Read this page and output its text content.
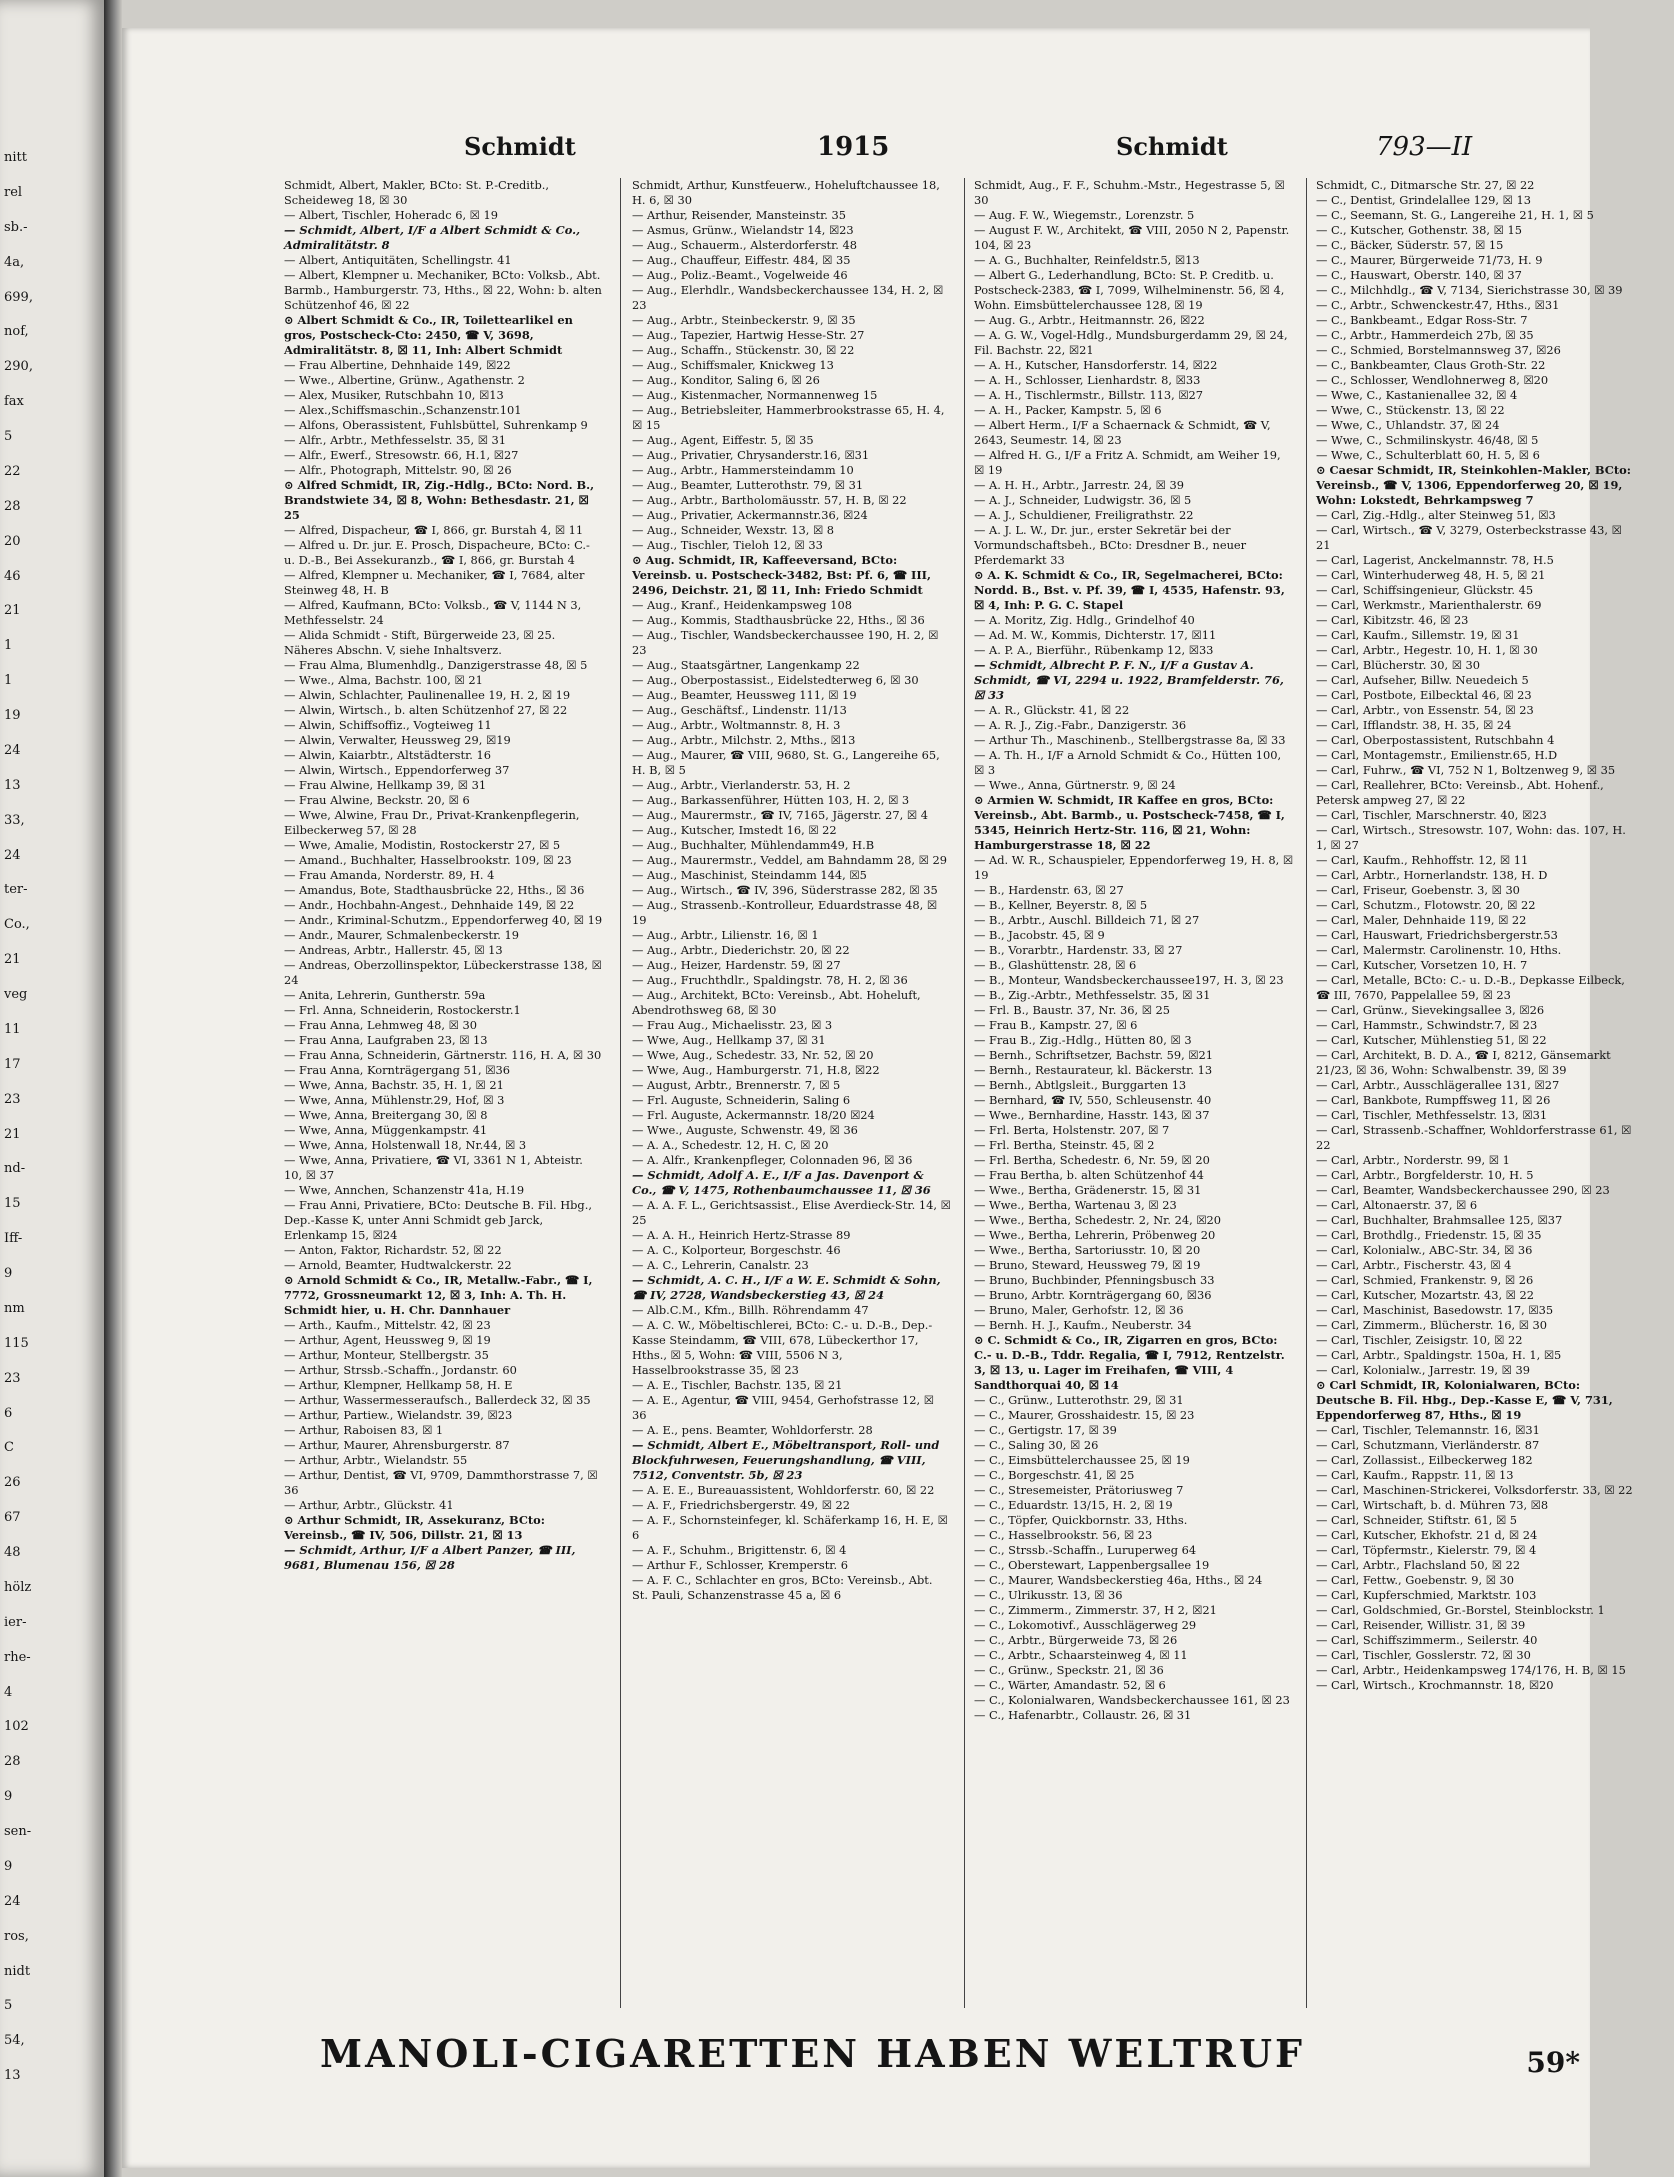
nitt
rel
sb.-
4a,
699,
nof,
290,
fax
5
22
28
20
46
21
1
1
19
24
13
33,
24
ter-
Co.,
21
veg
11
17
23
21
nd-
15
Iff-
9
nm
115
23
6
C
26
67
48
hölz
ier-
rhe-
4
102
28
9
sen-
9
24
ros,
nidt
5
54,
13
Schmidt	1915	Schmidt	793—II
Schmidt, Albert, Makler, BCto: St. P.-Creditb., Scheideweg 18, ☒ 30
— Albert, Tischler, Hoheradc 6, ☒ 19
— Schmidt, Albert, I/F a Albert Schmidt & Co., Admiralitätstr. 8
— Albert, Antiquitäten, Schellingstr. 41
— Albert, Klempner u. Mechaniker, BCto: Volksb., Abt. Barmb., Hamburgerstr. 73, Hths., ☒ 22, Wohn: b. alten Schützenhof 46, ☒ 22
⊙ Albert Schmidt & Co., IR, Toilettearlikel en gros, Postscheck-Cto: 2450, ☎ V, 3698, Admiralitätstr. 8, ☒ 11, Inh: Albert Schmidt
— Frau Albertine, Dehnhaide 149, ☒22
— Wwe., Albertine, Grünw., Agathenstr. 2
— Alex, Musiker, Rutschbahn 10, ☒13
— Alex.,Schiffsmaschin.,Schanzenstr.101
— Alfons, Oberassistent, Fuhlsbüttel, Suhrenkamp 9
— Alfr., Arbtr., Methfesselstr. 35, ☒ 31
— Alfr., Ewerf., Stresowstr. 66, H.1, ☒27
— Alfr., Photograph, Mittelstr. 90, ☒ 26
⊙ Alfred Schmidt, IR, Zig.-Hdlg., BCto: Nord. B., Brandstwiete 34, ☒ 8, Wohn: Bethesdastr. 21, ☒ 25
— Alfred, Dispacheur, ☎ I, 866, gr. Burstah 4, ☒ 11
— Alfred u. Dr. jur. E. Prosch, Dispacheure, BCto: C.- u. D.-B., Bei Assekuranzb., ☎ I, 866, gr. Burstah 4
— Alfred, Klempner u. Mechaniker, ☎ I, 7684, alter Steinweg 48, H. B
— Alfred, Kaufmann, BCto: Volksb., ☎ V, 1144 N 3, Methfesselstr. 24
— Alida Schmidt - Stift, Bürgerweide 23, ☒ 25. Näheres Abschn. V, siehe Inhaltsverz.
— Frau Alma, Blumenhdlg., Danzigerstrasse 48, ☒ 5
— Wwe., Alma, Bachstr. 100, ☒ 21
— Alwin, Schlachter, Paulinenallee 19, H. 2, ☒ 19
— Alwin, Wirtsch., b. alten Schützenhof 27, ☒ 22
— Alwin, Schiffsoffiz., Vogteiweg 11
— Alwin, Verwalter, Heussweg 29, ☒19
— Alwin, Kaiarbtr., Altstädterstr. 16
— Alwin, Wirtsch., Eppendorferweg 37
— Frau Alwine, Hellkamp 39, ☒ 31
— Frau Alwine, Beckstr. 20, ☒ 6
— Wwe, Alwine, Frau Dr., Privat-Krankenpflegerin, Eilbeckerweg 57, ☒ 28
— Wwe, Amalie, Modistin, Rostockerstr 27, ☒ 5
— Amand., Buchhalter, Hasselbrookstr. 109, ☒ 23
— Frau Amanda, Norderstr. 89, H. 4
— Amandus, Bote, Stadthausbrücke 22, Hths., ☒ 36
— Andr., Hochbahn-Angest., Dehnhaide 149, ☒ 22
— Andr., Kriminal-Schutzm., Eppendorferweg 40, ☒ 19
— Andr., Maurer, Schmalenbeckerstr. 19
— Andreas, Arbtr., Hallerstr. 45, ☒ 13
— Andreas, Oberzollinspektor, Lübeckerstrasse 138, ☒ 24
— Anita, Lehrerin, Guntherstr. 59a
— Frl. Anna, Schneiderin, Rostockerstr.1
— Frau Anna, Lehmweg 48, ☒ 30
— Frau Anna, Laufgraben 23, ☒ 13
— Frau Anna, Schneiderin, Gärtnerstr. 116, H. A, ☒ 30
— Frau Anna, Kornträgergang 51, ☒36
— Wwe, Anna, Bachstr. 35, H. 1, ☒ 21
— Wwe, Anna, Mühlenstr.29, Hof, ☒ 3
— Wwe, Anna, Breitergang 30, ☒ 8
— Wwe, Anna, Müggenkampstr. 41
— Wwe, Anna, Holstenwall 18, Nr.44, ☒ 3
— Wwe, Anna, Privatiere, ☎ VI, 3361 N 1, Abteistr. 10, ☒ 37
— Wwe, Annchen, Schanzenstr 41a, H.19
— Frau Anni, Privatiere, BCto: Deutsche B. Fil. Hbg., Dep.-Kasse K, unter Anni Schmidt geb Jarck, Erlenkamp 15, ☒24
— Anton, Faktor, Richardstr. 52, ☒ 22
— Arnold, Beamter, Hudtwalckerstr. 22
⊙ Arnold Schmidt & Co., IR, Metallw.-Fabr., ☎ I, 7772, Grossneumarkt 12, ☒ 3, Inh: A. Th. H. Schmidt hier, u. H. Chr. Dannhauer
— Arth., Kaufm., Mittelstr. 42, ☒ 23
— Arthur, Agent, Heussweg 9, ☒ 19
— Arthur, Monteur, Stellbergstr. 35
— Arthur, Strssb.-Schaffn., Jordanstr. 60
— Arthur, Klempner, Hellkamp 58, H. E
— Arthur, Wassermesseraufsch., Ballerdeck 32, ☒ 35
— Arthur, Partiew., Wielandstr. 39, ☒23
— Arthur, Raboisen 83, ☒ 1
— Arthur, Maurer, Ahrensburgerstr. 87
— Arthur, Arbtr., Wielandstr. 55
— Arthur, Dentist, ☎ VI, 9709, Dammthorstrasse 7, ☒ 36
— Arthur, Arbtr., Glückstr. 41
⊙ Arthur Schmidt, IR, Assekuranz, BCto: Vereinsb., ☎ IV, 506, Dillstr. 21, ☒ 13
— Schmidt, Arthur, I/F a Albert Panzer, ☎ III, 9681, Blumenau 156, ☒ 28
Schmidt, Arthur, Kunstfeuerw., Hoheluftchaussee 18, H. 6, ☒ 30
— Arthur, Reisender, Mansteinstr. 35
— Asmus, Grünw., Wielandstr 14, ☒23
— Aug., Schauerm., Alsterdorferstr. 48
— Aug., Chauffeur, Eiffestr. 484, ☒ 35
— Aug., Poliz.-Beamt., Vogelweide 46
— Aug., Elerhdlr., Wandsbeckerchaussee 134, H. 2, ☒ 23
— Aug., Arbtr., Steinbeckerstr. 9, ☒ 35
— Aug., Tapezier, Hartwig Hesse-Str. 27
— Aug., Schaffn., Stückenstr. 30, ☒ 22
— Aug., Schiffsmaler, Knickweg 13
— Aug., Konditor, Saling 6, ☒ 26
— Aug., Kistenmacher, Normannenweg 15
— Aug., Betriebsleiter, Hammerbrookstrasse 65, H. 4, ☒ 15
— Aug., Agent, Eiffestr. 5, ☒ 35
— Aug., Privatier, Chrysanderstr.16, ☒31
— Aug., Arbtr., Hammersteindamm 10
— Aug., Beamter, Lutterothstr. 79, ☒ 31
— Aug., Arbtr., Bartholomäusstr. 57, H. B, ☒ 22
— Aug., Privatier, Ackermannstr.36, ☒24
— Aug., Schneider, Wexstr. 13, ☒ 8
— Aug., Tischler, Tieloh 12, ☒ 33
⊙ Aug. Schmidt, IR, Kaffeeversand, BCto: Vereinsb. u. Postscheck-3482, Bst: Pf. 6, ☎ III, 2496, Deichstr. 21, ☒ 11, Inh: Friedo Schmidt
— Aug., Kranf., Heidenkampsweg 108
— Aug., Kommis, Stadthausbrücke 22, Hths., ☒ 36
— Aug., Tischler, Wandsbeckerchaussee 190, H. 2, ☒ 23
— Aug., Staatsgärtner, Langenkamp 22
— Aug., Oberpostassist., Eidelstedterweg 6, ☒ 30
— Aug., Beamter, Heussweg 111, ☒ 19
— Aug., Geschäftsf., Lindenstr. 11/13
— Aug., Arbtr., Woltmannstr. 8, H. 3
— Aug., Arbtr., Milchstr. 2, Mths., ☒13
— Aug., Maurer, ☎ VIII, 9680, St. G., Langereihe 65, H. B, ☒ 5
— Aug., Arbtr., Vierlanderstr. 53, H. 2
— Aug., Barkassenführer, Hütten 103, H. 2, ☒ 3
— Aug., Maurermstr., ☎ IV, 7165, Jägerstr. 27, ☒ 4
— Aug., Kutscher, Imstedt 16, ☒ 22
— Aug., Buchhalter, Mühlendamm49, H.B
— Aug., Maurermstr., Veddel, am Bahndamm 28, ☒ 29
— Aug., Maschinist, Steindamm 144, ☒5
— Aug., Wirtsch., ☎ IV, 396, Süderstrasse 282, ☒ 35
— Aug., Strassenb.-Kontrolleur, Eduardstrasse 48, ☒ 19
— Aug., Arbtr., Lilienstr. 16, ☒ 1
— Aug., Arbtr., Diederichstr. 20, ☒ 22
— Aug., Heizer, Hardenstr. 59, ☒ 27
— Aug., Fruchthdlr., Spaldingstr. 78, H. 2, ☒ 36
— Aug., Architekt, BCto: Vereinsb., Abt. Hoheluft, Abendrothsweg 68, ☒ 30
— Frau Aug., Michaelisstr. 23, ☒ 3
— Wwe, Aug., Hellkamp 37, ☒ 31
— Wwe, Aug., Schedestr. 33, Nr. 52, ☒ 20
— Wwe, Aug., Hamburgerstr. 71, H.8, ☒22
— August, Arbtr., Brennerstr. 7, ☒ 5
— Frl. Auguste, Schneiderin, Saling 6
— Frl. Auguste, Ackermannstr. 18/20 ☒24
— Wwe., Auguste, Schwenstr. 49, ☒ 36
— A. A., Schedestr. 12, H. C, ☒ 20
— A. Alfr., Krankenpfleger, Colonnaden 96, ☒ 36
— Schmidt, Adolf A. E., I/F a Jas. Davenport & Co., ☎ V, 1475, Rothenbaumchaussee 11, ☒ 36
— A. A. F. L., Gerichtsassist., Elise Averdieck-Str. 14, ☒ 25
— A. A. H., Heinrich Hertz-Strasse 89
— A. C., Kolporteur, Borgeschstr. 46
— A. C., Lehrerin, Canalstr. 23
— Schmidt, A. C. H., I/F a W. E. Schmidt & Sohn, ☎ IV, 2728, Wandsbeckerstieg 43, ☒ 24
— Alb.C.M., Kfm., Billh. Röhrendamm 47
— A. C. W., Möbeltischlerei, BCto: C.- u. D.-B., Dep.-Kasse Steindamm, ☎ VIII, 678, Lübeckerthor 17, Hths., ☒ 5, Wohn: ☎ VIII, 5506 N 3, Hasselbrookstrasse 35, ☒ 23
— A. E., Tischler, Bachstr. 135, ☒ 21
— A. E., Agentur, ☎ VIII, 9454, Gerhofstrasse 12, ☒ 36
— A. E., pens. Beamter, Wohldorferstr. 28
— Schmidt, Albert E., Möbeltransport, Roll- und Blockfuhrwesen, Feuerungshandlung, ☎ VIII, 7512, Conventstr. 5b, ☒ 23
— A. E. E., Bureauassistent, Wohldorferstr. 60, ☒ 22
— A. F., Friedrichsbergerstr. 49, ☒ 22
— A. F., Schornsteinfeger, kl. Schäferkamp 16, H. E, ☒ 6
— A. F., Schuhm., Brigittenstr. 6, ☒ 4
— Arthur F., Schlosser, Kremperstr. 6
— A. F. C., Schlachter en gros, BCto: Vereinsb., Abt. St. Pauli, Schanzenstrasse 45 a, ☒ 6
Schmidt, Aug., F. F., Schuhm.-Mstr., Hegestrasse 5, ☒ 30
— Aug. F. W., Wiegemstr., Lorenzstr. 5
— August F. W., Architekt, ☎ VIII, 2050 N 2, Papenstr. 104, ☒ 23
— A. G., Buchhalter, Reinfeldstr.5, ☒13
— Albert G., Lederhandlung, BCto: St. P. Creditb. u. Postscheck-2383, ☎ I, 7099, Wilhelminenstr. 56, ☒ 4, Wohn. Eimsbüttelerchaussee 128, ☒ 19
— Aug. G., Arbtr., Heitmannstr. 26, ☒22
— A. G. W., Vogel-Hdlg., Mundsburgerdamm 29, ☒ 24, Fil. Bachstr. 22, ☒21
— A. H., Kutscher, Hansdorferstr. 14, ☒22
— A. H., Schlosser, Lienhardstr. 8, ☒33
— A. H., Tischlermstr., Billstr. 113, ☒27
— A. H., Packer, Kampstr. 5, ☒ 6
— Albert Herm., I/F a Schaernack & Schmidt, ☎ V, 2643, Seumestr. 14, ☒ 23
— Alfred H. G., I/F a Fritz A. Schmidt, am Weiher 19, ☒ 19
— A. H. H., Arbtr., Jarrestr. 24, ☒ 39
— A. J., Schneider, Ludwigstr. 36, ☒ 5
— A. J., Schuldiener, Freiligrathstr. 22
— A. J. L. W., Dr. jur., erster Sekretär bei der Vormundschaftsbeh., BCto: Dresdner B., neuer Pferdemarkt 33
⊙ A. K. Schmidt & Co., IR, Segelmacherei, BCto: Nordd. B., Bst. v. Pf. 39, ☎ I, 4535, Hafenstr. 93, ☒ 4, Inh: P. G. C. Stapel
— A. Moritz, Zig. Hdlg., Grindelhof 40
— Ad. M. W., Kommis, Dichterstr. 17, ☒11
— A. P. A., Bierführ., Rübenkamp 12, ☒33
— Schmidt, Albrecht P. F. N., I/F a Gustav A. Schmidt, ☎ VI, 2294 u. 1922, Bramfelderstr. 76, ☒ 33
— A. R., Glückstr. 41, ☒ 22
— A. R. J., Zig.-Fabr., Danzigerstr. 36
— Arthur Th., Maschinenb., Stellbergstrasse 8a, ☒ 33
— A. Th. H., I/F a Arnold Schmidt & Co., Hütten 100, ☒ 3
— Wwe., Anna, Gürtnerstr. 9, ☒ 24
⊙ Armien W. Schmidt, IR Kaffee en gros, BCto: Vereinsb., Abt. Barmb., u. Postscheck-7458, ☎ I, 5345, Heinrich Hertz-Str. 116, ☒ 21, Wohn: Hamburgerstrasse 18, ☒ 22
— Ad. W. R., Schauspieler, Eppendorferweg 19, H. 8, ☒ 19
— B., Hardenstr. 63, ☒ 27
— B., Kellner, Beyerstr. 8, ☒ 5
— B., Arbtr., Auschl. Billdeich 71, ☒ 27
— B., Jacobstr. 45, ☒ 9
— B., Vorarbtr., Hardenstr. 33, ☒ 27
— B., Glashüttenstr. 28, ☒ 6
— B., Monteur, Wandsbeckerchaussee197, H. 3, ☒ 23
— B., Zig.-Arbtr., Methfesselstr. 35, ☒ 31
— Frl. B., Baustr. 37, Nr. 36, ☒ 25
— Frau B., Kampstr. 27, ☒ 6
— Frau B., Zig.-Hdlg., Hütten 80, ☒ 3
— Bernh., Schriftsetzer, Bachstr. 59, ☒21
— Bernh., Restaurateur, kl. Bäckerstr. 13
— Bernh., Abtlgsleit., Burggarten 13
— Bernhard, ☎ IV, 550, Schleusenstr. 40
— Wwe., Bernhardine, Hasstr. 143, ☒ 37
— Frl. Berta, Holstenstr. 207, ☒ 7
— Frl. Bertha, Steinstr. 45, ☒ 2
— Frl. Bertha, Schedestr. 6, Nr. 59, ☒ 20
— Frau Bertha, b. alten Schützenhof 44
— Wwe., Bertha, Grädenerstr. 15, ☒ 31
— Wwe., Bertha, Wartenau 3, ☒ 23
— Wwe., Bertha, Schedestr. 2, Nr. 24, ☒20
— Wwe., Bertha, Lehrerin, Pröbenweg 20
— Wwe., Bertha, Sartoriusstr. 10, ☒ 20
— Bruno, Steward, Heussweg 79, ☒ 19
— Bruno, Buchbinder, Pfenningsbusch 33
— Bruno, Arbtr. Kornträgergang 60, ☒36
— Bruno, Maler, Gerhofstr. 12, ☒ 36
— Bernh. H. J., Kaufm., Neuberstr. 34
⊙ C. Schmidt & Co., IR, Zigarren en gros, BCto: C.- u. D.-B., Tddr. Regalia, ☎ I, 7912, Rentzelstr. 3, ☒ 13, u. Lager im Freihafen, ☎ VIII, 4 Sandthorquai 40, ☒ 14
— C., Grünw., Lutterothstr. 29, ☒ 31
— C., Maurer, Grosshaidestr. 15, ☒ 23
— C., Gertigstr. 17, ☒ 39
— C., Saling 30, ☒ 26
— C., Eimsbüttelerchaussee 25, ☒ 19
— C., Borgeschstr. 41, ☒ 25
— C., Stresemeister, Prätoriusweg 7
— C., Eduardstr. 13/15, H. 2, ☒ 19
— C., Töpfer, Quickbornstr. 33, Hths.
— C., Hasselbrookstr. 56, ☒ 23
— C., Strssb.-Schaffn., Luruperweg 64
— C., Oberstewart, Lappenbergsallee 19
— C., Maurer, Wandsbeckerstieg 46a, Hths., ☒ 24
— C., Ulrikusstr. 13, ☒ 36
— C., Zimmerm., Zimmerstr. 37, H 2, ☒21
— C., Lokomotivf., Ausschlägerweg 29
— C., Arbtr., Bürgerweide 73, ☒ 26
— C., Arbtr., Schaarsteinweg 4, ☒ 11
— C., Grünw., Speckstr. 21, ☒ 36
— C., Wärter, Amandastr. 52, ☒ 6
— C., Kolonialwaren, Wandsbeckerchaussee 161, ☒ 23
— C., Hafenarbtr., Collaustr. 26, ☒ 31
Schmidt, C., Ditmarsche Str. 27, ☒ 22
— C., Dentist, Grindelallee 129, ☒ 13
— C., Seemann, St. G., Langereihe 21, H. 1, ☒ 5
— C., Kutscher, Gothenstr. 38, ☒ 15
— C., Bäcker, Süderstr. 57, ☒ 15
— C., Maurer, Bürgerweide 71/73, H. 9
— C., Hauswart, Oberstr. 140, ☒ 37
— C., Milchhdlg., ☎ V, 7134, Sierichstrasse 30, ☒ 39
— C., Arbtr., Schwenckestr.47, Hths., ☒31
— C., Bankbeamt., Edgar Ross-Str. 7
— C., Arbtr., Hammerdeich 27b, ☒ 35
— C., Schmied, Borstelmannsweg 37, ☒26
— C., Bankbeamter, Claus Groth-Str. 22
— C., Schlosser, Wendlohnerweg 8, ☒20
— Wwe, C., Kastanienallee 32, ☒ 4
— Wwe, C., Stückenstr. 13, ☒ 22
— Wwe, C., Uhlandstr. 37, ☒ 24
— Wwe, C., Schmilinskystr. 46/48, ☒ 5
— Wwe, C., Schulterblatt 60, H. 5, ☒ 6
⊙ Caesar Schmidt, IR, Steinkohlen-Makler, BCto: Vereinsb., ☎ V, 1306, Eppendorferweg 20, ☒ 19, Wohn: Lokstedt, Behrkampsweg 7
— Carl, Zig.-Hdlg., alter Steinweg 51, ☒3
— Carl, Wirtsch., ☎ V, 3279, Osterbeckstrasse 43, ☒ 21
— Carl, Lagerist, Anckelmannstr. 78, H.5
— Carl, Winterhuderweg 48, H. 5, ☒ 21
— Carl, Schiffsingenieur, Glückstr. 45
— Carl, Werkmstr., Marienthalerstr. 69
— Carl, Kibitzstr. 46, ☒ 23
— Carl, Kaufm., Sillemstr. 19, ☒ 31
— Carl, Arbtr., Hegestr. 10, H. 1, ☒ 30
— Carl, Blücherstr. 30, ☒ 30
— Carl, Aufseher, Billw. Neuedeich 5
— Carl, Postbote, Eilbecktal 46, ☒ 23
— Carl, Arbtr., von Essenstr. 54, ☒ 23
— Carl, Ifflandstr. 38, H. 35, ☒ 24
— Carl, Oberpostassistent, Rutschbahn 4
— Carl, Montagemstr., Emilienstr.65, H.D
— Carl, Fuhrw., ☎ VI, 752 N 1, Boltzenweg 9, ☒ 35
— Carl, Reallehrer, BCto: Vereinsb., Abt. Hohenf., Petersk ampweg 27, ☒ 22
— Carl, Tischler, Marschnerstr. 40, ☒23
— Carl, Wirtsch., Stresowstr. 107, Wohn: das. 107, H. 1, ☒ 27
— Carl, Kaufm., Rehhoffstr. 12, ☒ 11
— Carl, Arbtr., Hornerlandstr. 138, H. D
— Carl, Friseur, Goebenstr. 3, ☒ 30
— Carl, Schutzm., Flotowstr. 20, ☒ 22
— Carl, Maler, Dehnhaide 119, ☒ 22
— Carl, Hauswart, Friedrichsbergerstr.53
— Carl, Malermstr. Carolinenstr. 10, Hths.
— Carl, Kutscher, Vorsetzen 10, H. 7
— Carl, Metalle, BCto: C.- u. D.-B., Depkasse Eilbeck, ☎ III, 7670, Pappelallee 59, ☒ 23
— Carl, Grünw., Sievekingsallee 3, ☒26
— Carl, Hammstr., Schwindstr.7, ☒ 23
— Carl, Kutscher, Mühlenstieg 51, ☒ 22
— Carl, Architekt, B. D. A., ☎ I, 8212, Gänsemarkt 21/23, ☒ 36, Wohn: Schwalbenstr. 39, ☒ 39
— Carl, Arbtr., Ausschlägerallee 131, ☒27
— Carl, Bankbote, Rumpffsweg 11, ☒ 26
— Carl, Tischler, Methfesselstr. 13, ☒31
— Carl, Strassenb.-Schaffner, Wohldorferstrasse 61, ☒ 22
— Carl, Arbtr., Norderstr. 99, ☒ 1
— Carl, Arbtr., Borgfelderstr. 10, H. 5
— Carl, Beamter, Wandsbeckerchaussee 290, ☒ 23
— Carl, Altonaerstr. 37, ☒ 6
— Carl, Buchhalter, Brahmsallee 125, ☒37
— Carl, Brothdlg., Friedenstr. 15, ☒ 35
— Carl, Kolonialw., ABC-Str. 34, ☒ 36
— Carl, Arbtr., Fischerstr. 43, ☒ 4
— Carl, Schmied, Frankenstr. 9, ☒ 26
— Carl, Kutscher, Mozartstr. 43, ☒ 22
— Carl, Maschinist, Basedowstr. 17, ☒35
— Carl, Zimmerm., Blücherstr. 16, ☒ 30
— Carl, Tischler, Zeisigstr. 10, ☒ 22
— Carl, Arbtr., Spaldingstr. 150a, H. 1, ☒5
— Carl, Kolonialw., Jarrestr. 19, ☒ 39
⊙ Carl Schmidt, IR, Kolonialwaren, BCto: Deutsche B. Fil. Hbg., Dep.-Kasse E, ☎ V, 731, Eppendorferweg 87, Hths., ☒ 19
— Carl, Tischler, Telemannstr. 16, ☒31
— Carl, Schutzmann, Vierländerstr. 87
— Carl, Zollassist., Eilbeckerweg 182
— Carl, Kaufm., Rappstr. 11, ☒ 13
— Carl, Maschinen-Strickerei, Volksdorferstr. 33, ☒ 22
— Carl, Wirtschaft, b. d. Mühren 73, ☒8
— Carl, Schneider, Stiftstr. 61, ☒ 5
— Carl, Kutscher, Ekhofstr. 21 d, ☒ 24
— Carl, Töpfermstr., Kielerstr. 79, ☒ 4
— Carl, Arbtr., Flachsland 50, ☒ 22
— Carl, Fettw., Goebenstr. 9, ☒ 30
— Carl, Kupferschmied, Marktstr. 103
— Carl, Goldschmied, Gr.-Borstel, Steinblockstr. 1
— Carl, Reisender, Willistr. 31, ☒ 39
— Carl, Schiffszimmerm., Seilerstr. 40
— Carl, Tischler, Gosslerstr. 72, ☒ 30
— Carl, Arbtr., Heidenkampsweg 174/176, H. B, ☒ 15
— Carl, Wirtsch., Krochmannstr. 18, ☒20
MANOLI-CIGARETTEN HABEN WELTRUF	59*
